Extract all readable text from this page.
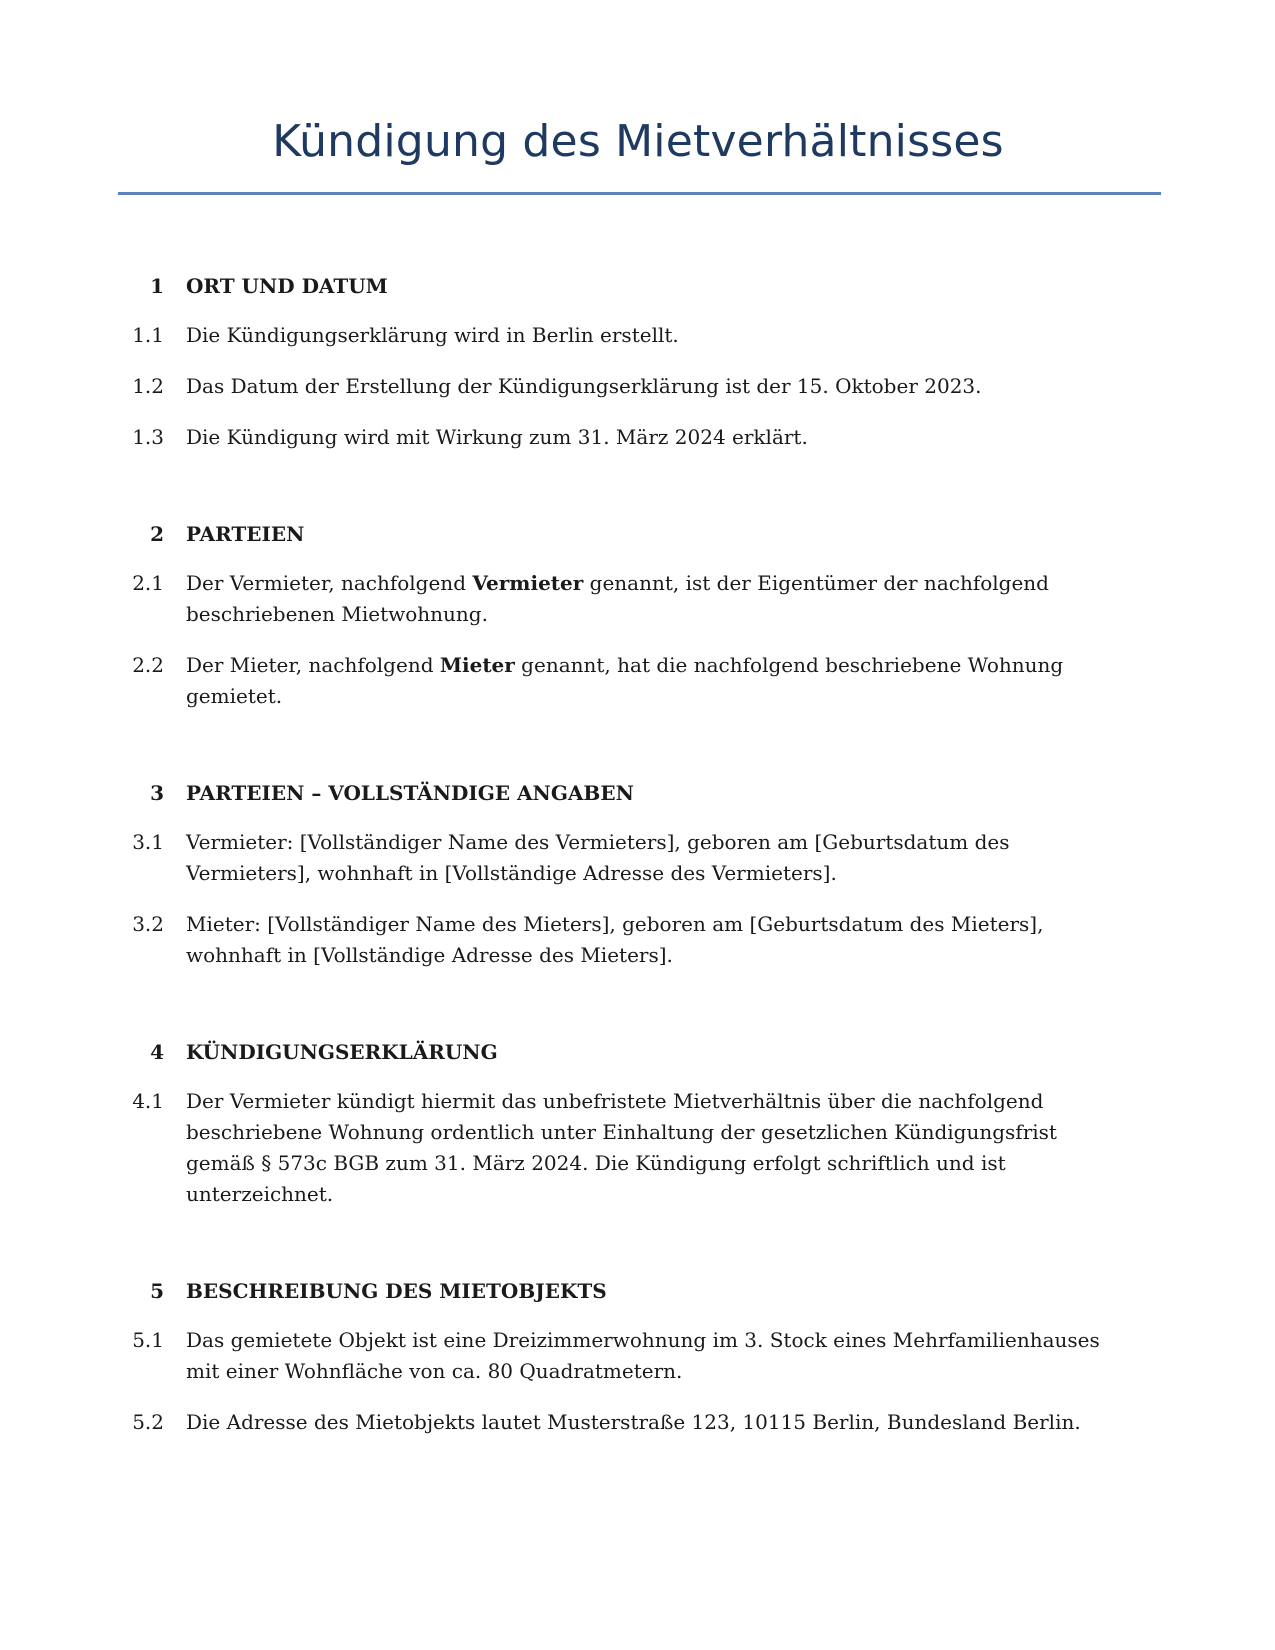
Kündigung des Mietverhältnisses
1	ORT UND DATUM
1.1	Die Kündigungserklärung wird in Berlin erstellt.
1.2	Das Datum der Erstellung der Kündigungserklärung ist der 15. Oktober 2023.
1.3	Die Kündigung wird mit Wirkung zum 31. März 2024 erklärt.
2	PARTEIEN
2.1	Der Vermieter, nachfolgend Vermieter genannt, ist der Eigentümer der nachfolgend beschriebenen Mietwohnung.
2.2	Der Mieter, nachfolgend Mieter genannt, hat die nachfolgend beschriebene Wohnung gemietet.
3	PARTEIEN – VOLLSTÄNDIGE ANGABEN
3.1	Vermieter: [Vollständiger Name des Vermieters], geboren am [Geburtsdatum des Vermieters], wohnhaft in [Vollständige Adresse des Vermieters].
3.2	Mieter: [Vollständiger Name des Mieters], geboren am [Geburtsdatum des Mieters], wohnhaft in [Vollständige Adresse des Mieters].
4	KÜNDIGUNGSERKLÄRUNG
4.1	Der Vermieter kündigt hiermit das unbefristete Mietverhältnis über die nachfolgend beschriebene Wohnung ordentlich unter Einhaltung der gesetzlichen Kündigungsfrist gemäß § 573c BGB zum 31. März 2024. Die Kündigung erfolgt schriftlich und ist unterzeichnet.
5	BESCHREIBUNG DES MIETOBJEKTS
5.1	Das gemietete Objekt ist eine Dreizimmerwohnung im 3. Stock eines Mehrfamilienhauses mit einer Wohnfläche von ca. 80 Quadratmetern.
5.2	Die Adresse des Mietobjekts lautet Musterstraße 123, 10115 Berlin, Bundesland Berlin.
